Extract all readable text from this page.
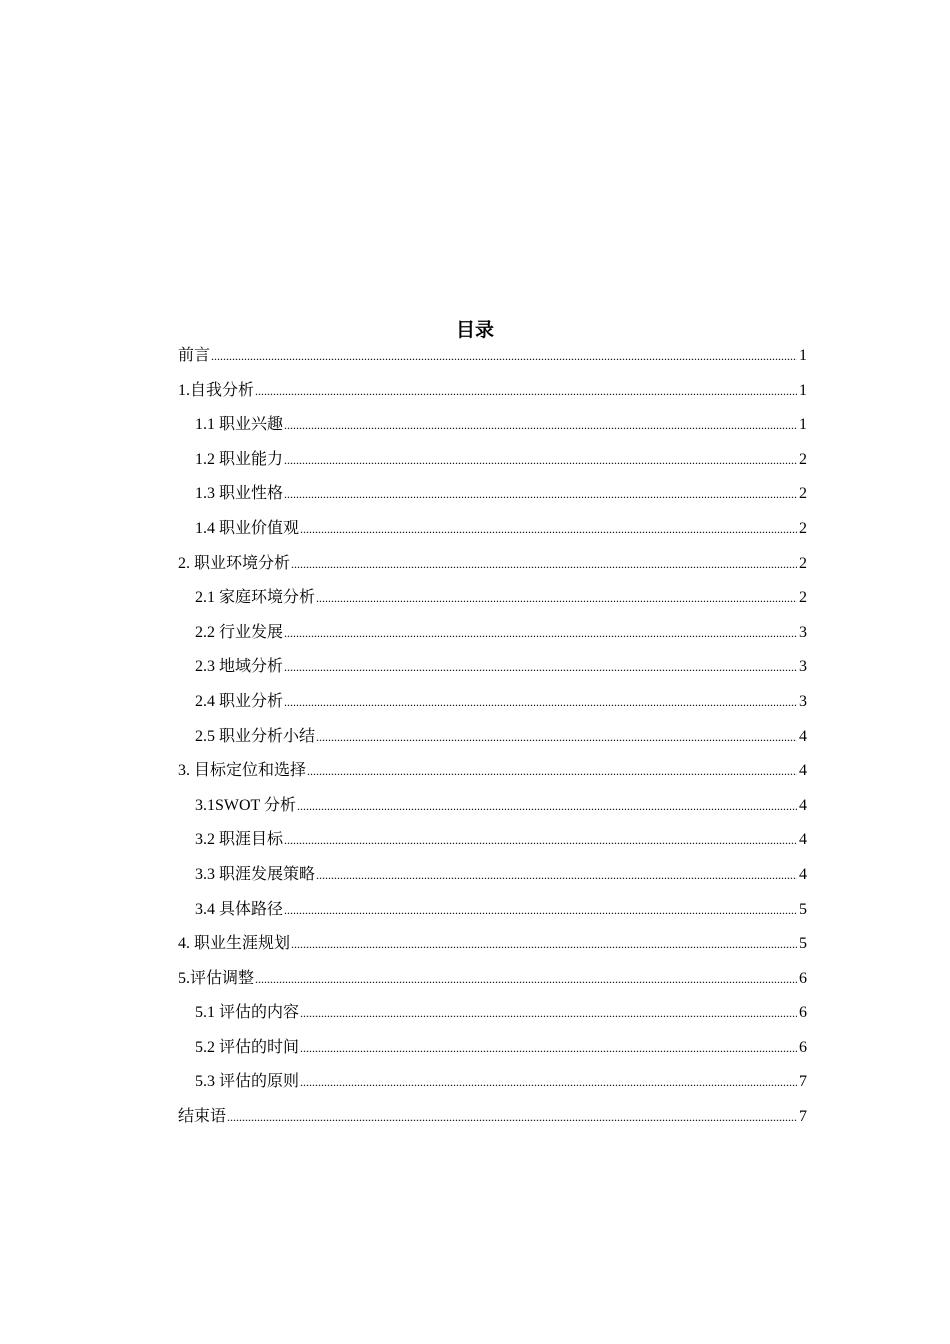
目录
前言 .....	1
1.自我分析 .....	1
1.1 职业兴趣 .....	1
1.2 职业能力 .....	2
1.3 职业性格 .....	2
1.4 职业价值观 .....	2
2. 职业环境分析 .....	2
2.1 家庭环境分析 .....	2
2.2 行业发展 .....	3
2.3 地域分析 .....	3
2.4 职业分析 .....	3
2.5 职业分析小结 .....	4
3. 目标定位和选择 .....	4
3.1SWOT 分析 .....	4
3.2 职涯目标 .....	4
3.3 职涯发展策略 .....	4
3.4 具体路径 .....	5
4. 职业生涯规划 .....	5
5.评估调整 .....	6
5.1 评估的内容 .....	6
5.2 评估的时间 .....	6
5.3 评估的原则 .....	7
结束语 .....	7
